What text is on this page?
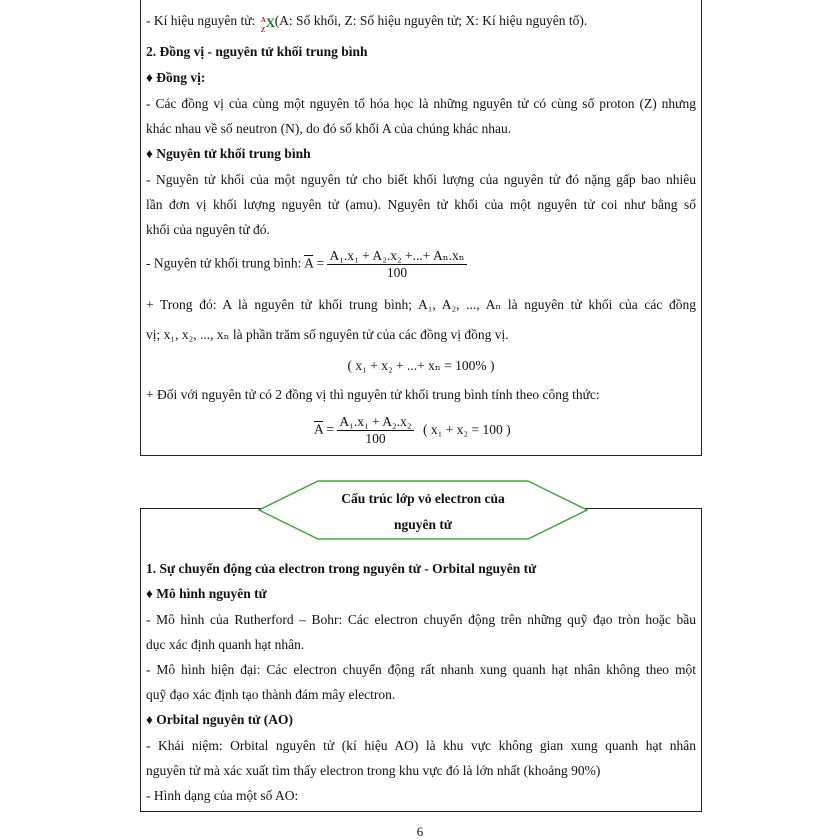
- Kí hiệu nguyên tử: A
Z X (A: Số khối, Z: Số hiệu nguyên tử; X: Kí hiệu nguyên tố).
2. Đồng vị - nguyên tử khối trung bình
♦ Đồng vị:
- Các đồng vị của cùng một nguyên tố hóa học là những nguyên tử có cùng số proton (Z) nhưng
khác nhau về số neutron (N), do đó số khối A của chúng khác nhau.
♦ Nguyên tử khối trung bình
- Nguyên tử khối của một nguyên tử cho biết khối lượng của nguyên tử đó nặng gấp bao nhiêu
lần đơn vị khối lượng nguyên tử (amu). Nguyên tử khối của một nguyên tử coi như bằng số
khối của nguyên tử đó.
- Nguyên tử khối trung bình: $\overline{A} = \frac{\text{A₁.x₁ + A₂.x₂ +...+ Aₙ.xₙ}}{100}$
+ Trong đó: A là nguyên tử khối trung bình; A₁, A₂, ..., Aₙ là nguyên tử khối của các đồng
vị; x₁, x₂, ..., xₙ là phần trăm số nguyên tử của các đồng vị đồng vị.
( x₁ + x₂ + ...+ xₙ = 100% )
+ Đối với nguyên tử có 2 đồng vị thì nguyên tử khối trung bình tính theo công thức:
$\overline{A} = \frac{\text{A₁.x₁ + A₂.x₂}}{100}$ ( x₁ + x₂ = 100 )
Cấu trúc lớp vỏ electron của
nguyên tử
1. Sự chuyển động của electron trong nguyên tử - Orbital nguyên tử
♦ Mô hình nguyên tử
- Mô hình của Rutherford – Bohr: Các electron chuyển động trên những quỹ đạo tròn hoặc bầu
dục xác định quanh hạt nhân.
- Mô hình hiện đại: Các electron chuyển động rất nhanh xung quanh hạt nhân không theo một
quỹ đạo xác định tạo thành đám mây electron.
♦ Orbital nguyên tử (AO)
- Khái niệm: Orbital nguyên tử (kí hiệu AO) là khu vực không gian xung quanh hạt nhân
nguyên tử mà xác xuất tìm thấy electron trong khu vực đó là lớn nhất (khoảng 90%)
- Hình dạng của một số AO:
6
